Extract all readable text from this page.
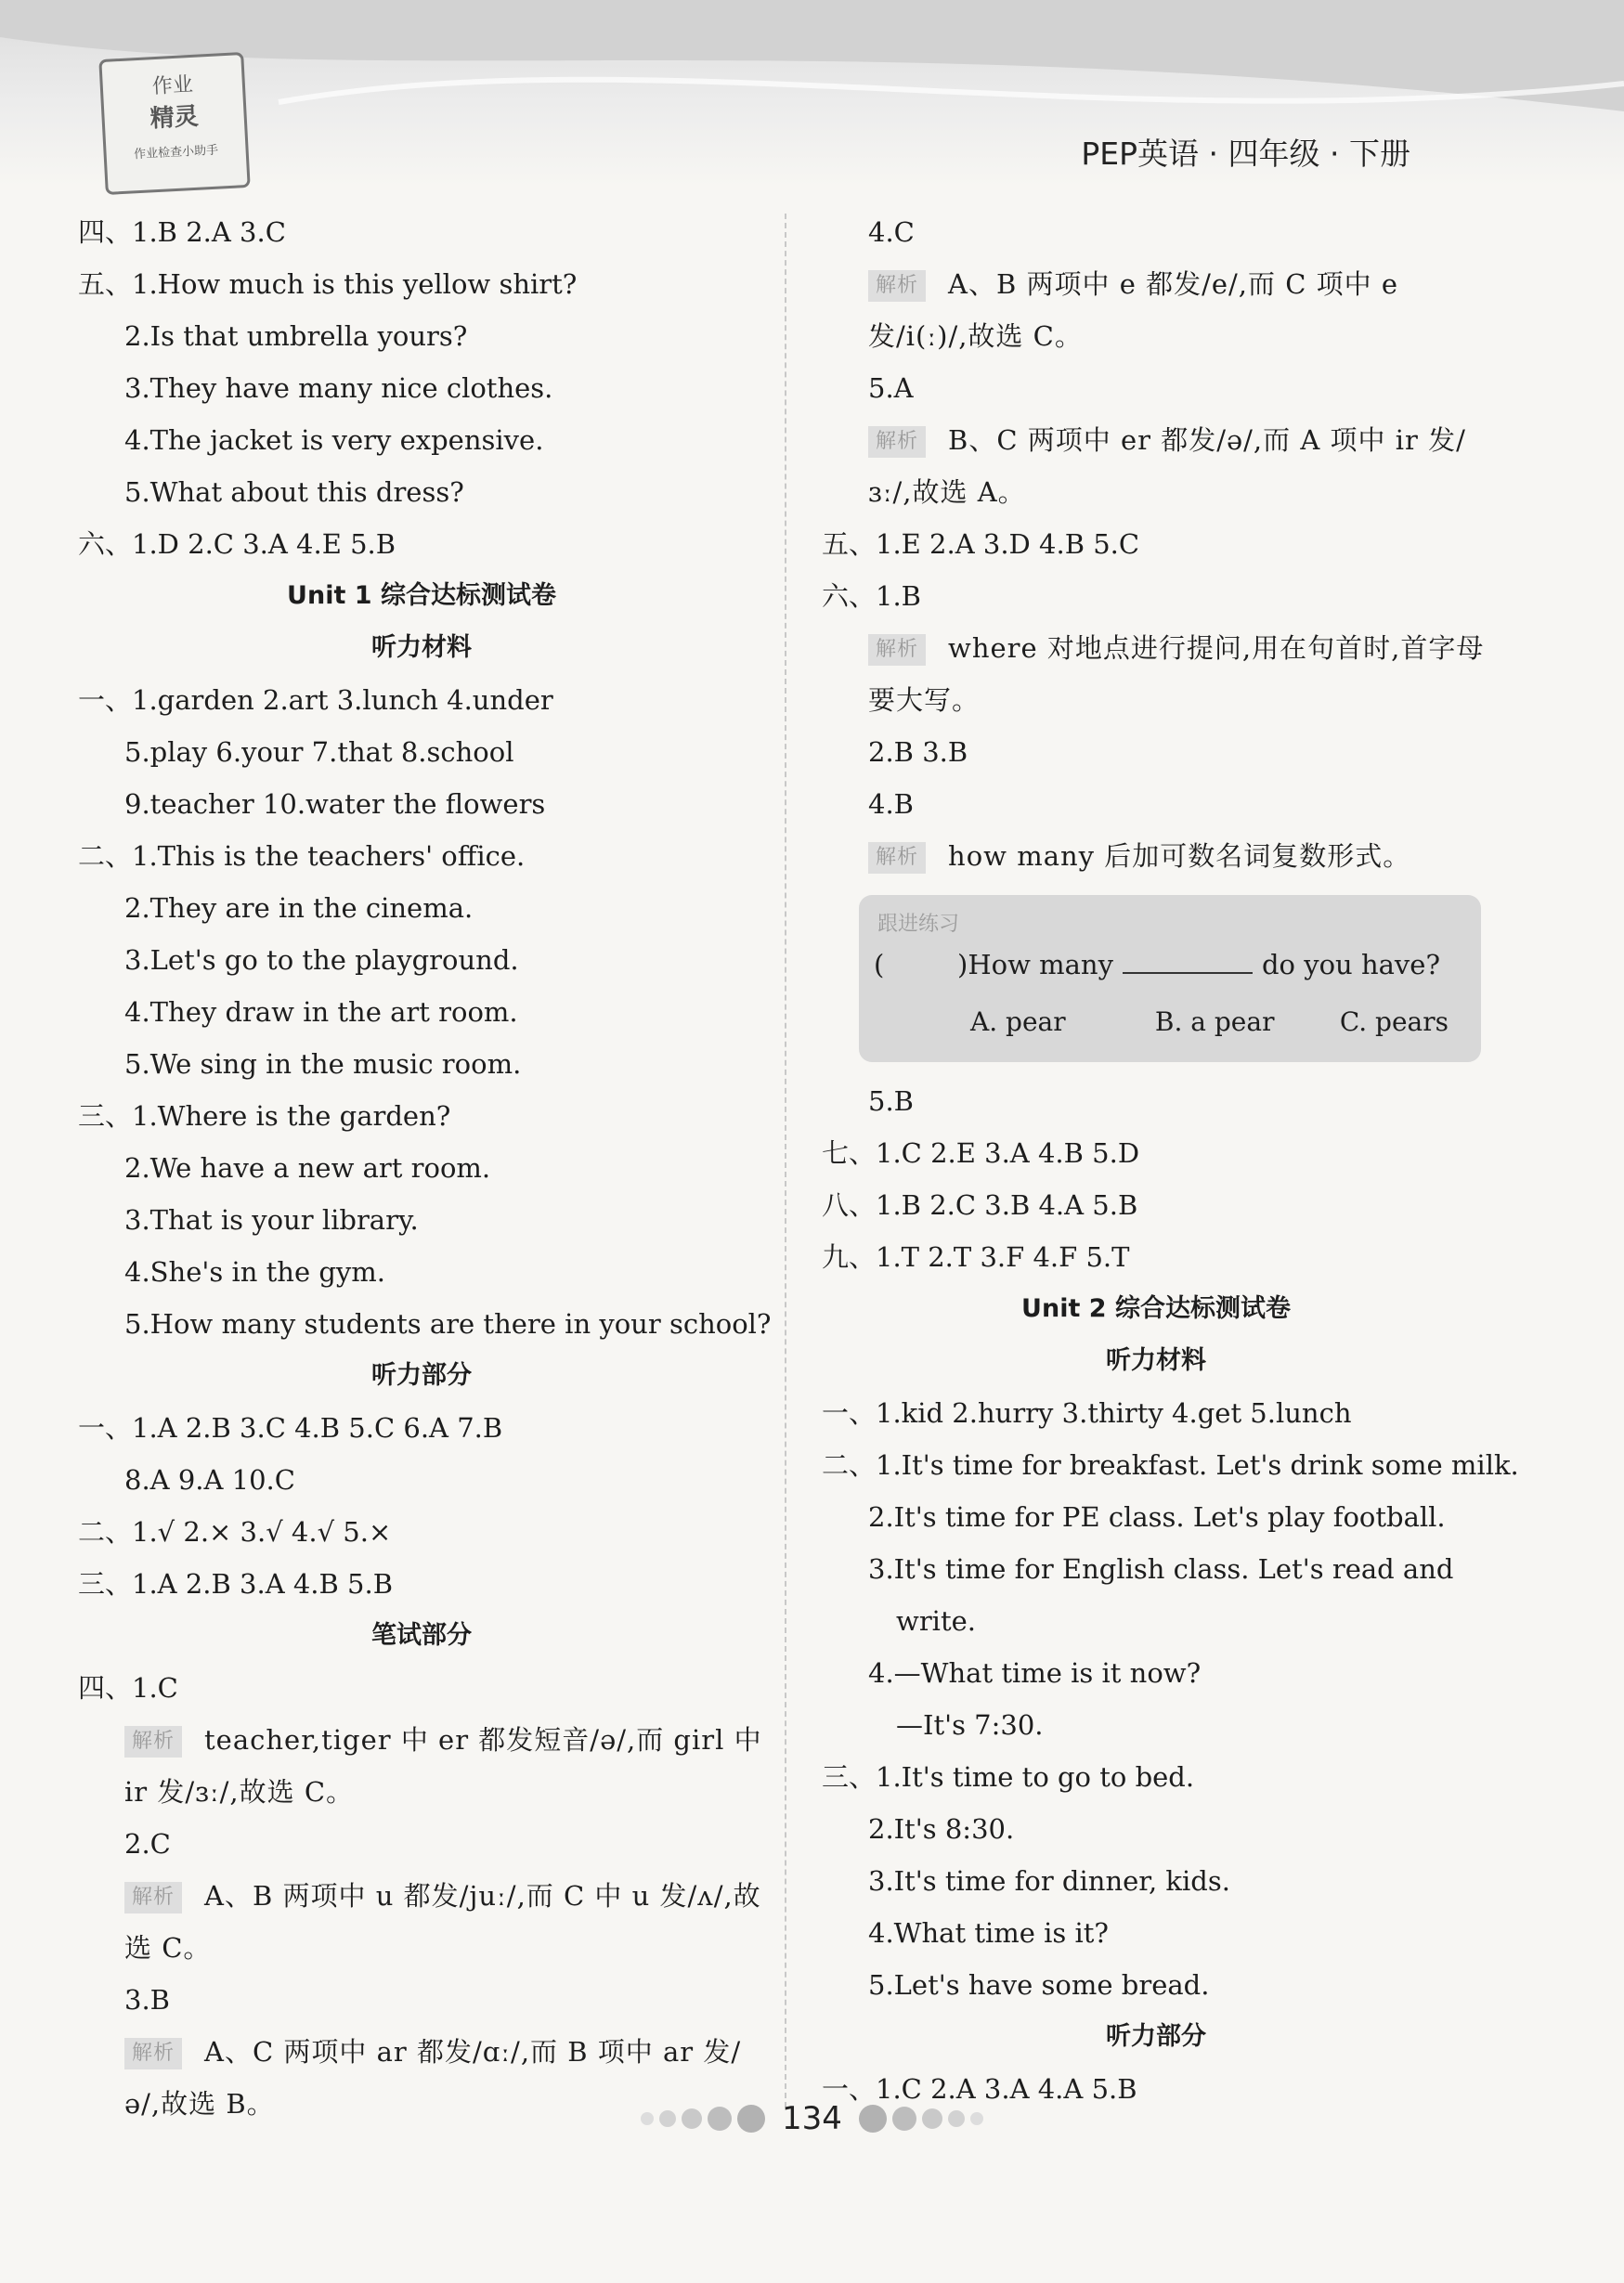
作业
精灵
作业检查小助手	PEP英语 · 四年级 · 下册
四、1.B 2.A 3.C
五、1.How much is this yellow shirt?
2.Is that umbrella yours?
3.They have many nice clothes.
4.The jacket is very expensive.
5.What about this dress?
六、1.D 2.C 3.A 4.E 5.B
Unit 1 综合达标测试卷
听力材料
一、1.garden 2.art 3.lunch 4.under
5.play 6.your 7.that 8.school
9.teacher 10.water the flowers
二、1.This is the teachers' office.
2.They are in the cinema.
3.Let's go to the playground.
4.They draw in the art room.
5.We sing in the music room.
三、1.Where is the garden?
2.We have a new art room.
3.That is your library.
4.She's in the gym.
5.How many students are there in your school?
听力部分
一、1.A 2.B 3.C 4.B 5.C 6.A 7.B
8.A 9.A 10.C
二、1.√ 2.× 3.√ 4.√ 5.×
三、1.A 2.B 3.A 4.B 5.B
笔试部分
四、1.C
解析 teacher,tiger 中 er 都发短音/ə/,而 girl 中 ir 发/ɜː/,故选 C。
2.C
解析 A、B 两项中 u 都发/juː/,而 C 中 u 发/ʌ/,故选 C。
3.B
解析 A、C 两项中 ar 都发/ɑː/,而 B 项中 ar 发/ə/,故选 B。
4.C
解析 A、B 两项中 e 都发/e/,而 C 项中 e 发/i(ː)/,故选 C。
5.A
解析 B、C 两项中 er 都发/ə/,而 A 项中 ir 发/ɜː/,故选 A。
五、1.E 2.A 3.D 4.B 5.C
六、1.B
解析 where 对地点进行提问,用在句首时,首字母要大写。
2.B 3.B
4.B
解析 how many 后加可数名词复数形式。
跟进练习
(	)How many	do you have?
A. pear	B. a pear	C. pears
5.B
七、1.C 2.E 3.A 4.B 5.D
八、1.B 2.C 3.B 4.A 5.B
九、1.T 2.T 3.F 4.F 5.T
Unit 2 综合达标测试卷
听力材料
一、1.kid 2.hurry 3.thirty 4.get 5.lunch
二、1.It's time for breakfast. Let's drink some milk.
2.It's time for PE class. Let's play football.
3.It's time for English class. Let's read and
write.
4.—What time is it now?
—It's 7:30.
三、1.It's time to go to bed.
2.It's 8:30.
3.It's time for dinner, kids.
4.What time is it?
5.Let's have some bread.
听力部分
一、1.C 2.A 3.A 4.A 5.B
134
